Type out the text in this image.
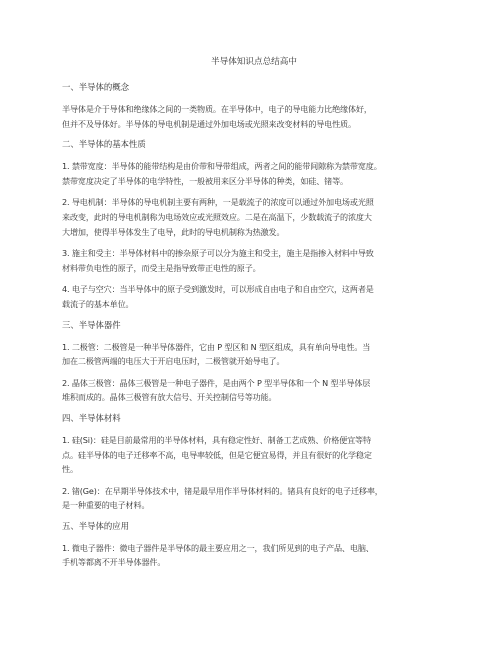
半导体知识点总结高中
一、半导体的概念
半导体是介于导体和绝缘体之间的一类物质。在半导体中，电子的导电能力比绝缘体好，
但并不及导体好。半导体的导电机制是通过外加电场或光照来改变材料的导电性质。
二、半导体的基本性质
1. 禁带宽度：半导体的能带结构是由价带和导带组成，两者之间的能带间隙称为禁带宽度。
禁带宽度决定了半导体的电学特性，一般被用来区分半导体的种类，如硅、锗等。
2. 导电机制：半导体的导电机制主要有两种，一是载流子的浓度可以通过外加电场或光照
来改变，此时的导电机制称为电场效应或光照效应。二是在高温下，少数载流子的浓度大
大增加，使得半导体发生了电导，此时的导电机制称为热激发。
3. 施主和受主：半导体材料中的掺杂原子可以分为施主和受主，施主是指掺入材料中导致
材料带负电性的原子，而受主是指导致带正电性的原子。
4. 电子与空穴：当半导体中的原子受到激发时，可以形成自由电子和自由空穴，这两者是
载流子的基本单位。
三、半导体器件
1. 二极管：二极管是一种半导体器件，它由 P 型区和 N 型区组成，具有单向导电性。当
加在二极管两端的电压大于开启电压时，二极管就开始导电了。
2. 晶体三极管：晶体三极管是一种电子器件，是由两个 P 型半导体和一个 N 型半导体层
堆积而成的。晶体三极管有放大信号、开关控制信号等功能。
四、半导体材料
1. 硅(Si)：硅是目前最常用的半导体材料，具有稳定性好、制备工艺成熟、价格便宜等特
点。硅半导体的电子迁移率不高，电导率较低，但是它便宜易得，并且有很好的化学稳定
性。
2. 锗(Ge)：在早期半导体技术中，锗是最早用作半导体材料的。锗具有良好的电子迁移率，
是一种重要的电子材料。
五、半导体的应用
1. 微电子器件：微电子器件是半导体的最主要应用之一，我们所见到的电子产品、电脑、
手机等都离不开半导体器件。
